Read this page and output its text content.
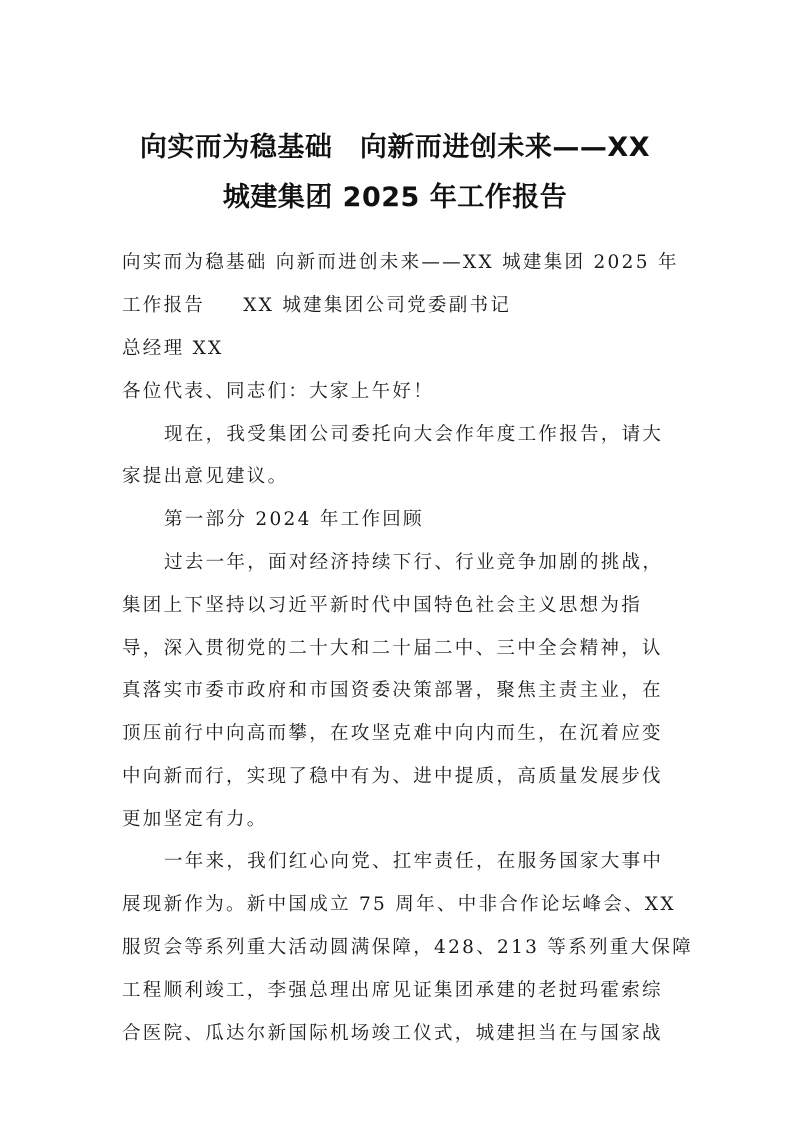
向实而为稳基础　向新而进创未来——XX
城建集团 2025 年工作报告
向实而为稳基础 向新而进创未来——XX 城建集团 2025 年
工作报告 XX 城建集团公司党委副书记
总经理 XX
各位代表、同志们：大家上午好！
现在，我受集团公司委托向大会作年度工作报告，请大
家提出意见建议。
第一部分 2024 年工作回顾
过去一年，面对经济持续下行、行业竞争加剧的挑战，
集团上下坚持以习近平新时代中国特色社会主义思想为指
导，深入贯彻党的二十大和二十届二中、三中全会精神，认
真落实市委市政府和市国资委决策部署，聚焦主责主业，在
顶压前行中向高而攀，在攻坚克难中向内而生，在沉着应变
中向新而行，实现了稳中有为、进中提质，高质量发展步伐
更加坚定有力。
一年来，我们红心向党、扛牢责任，在服务国家大事中
展现新作为。新中国成立 75 周年、中非合作论坛峰会、XX
服贸会等系列重大活动圆满保障，428、213 等系列重大保障
工程顺利竣工，李强总理出席见证集团承建的老挝玛霍索综
合医院、瓜达尔新国际机场竣工仪式，城建担当在与国家战
